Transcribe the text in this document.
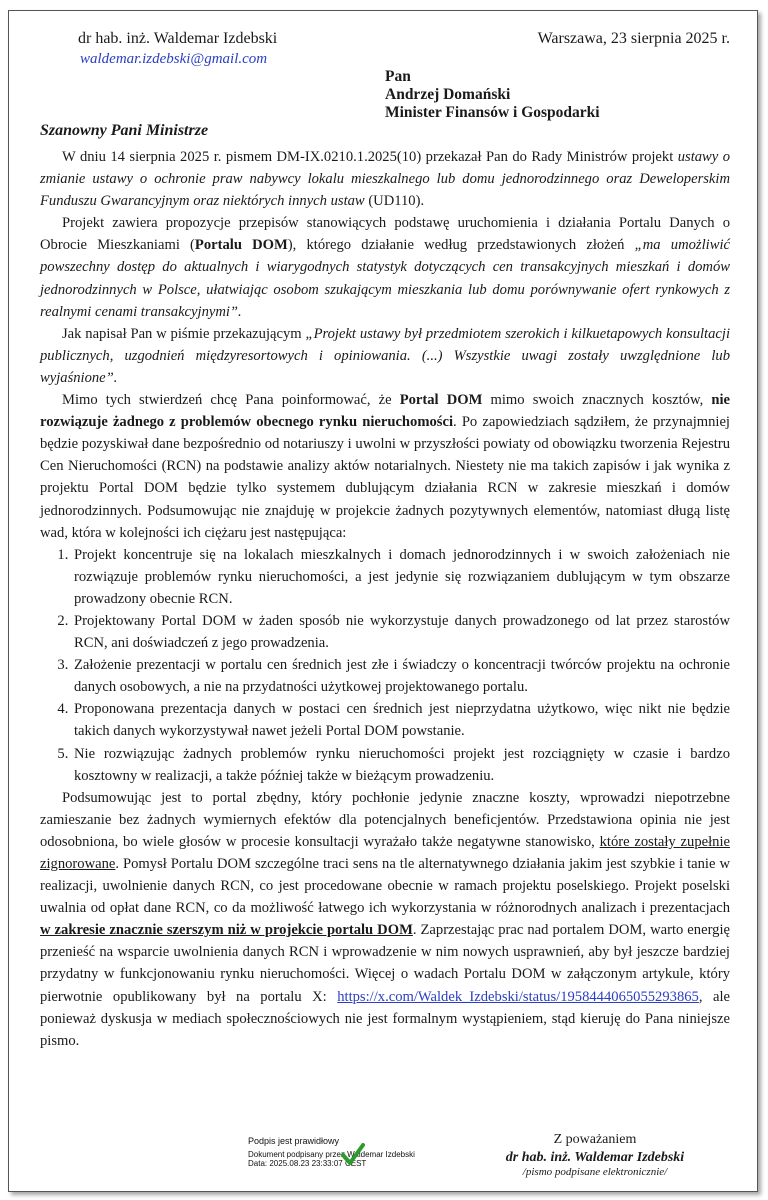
dr hab. inż. Waldemar Izdebski
waldemar.izdebski@gmail.com
Warszawa, 23 sierpnia 2025 r.
Pan
Andrzej Domański
Minister Finansów i Gospodarki
Szanowny Pani Ministrze

W dniu 14 sierpnia 2025 r. pismem DM-IX.0210.1.2025(10) przekazał Pan do Rady Ministrów projekt ustawy o zmianie ustawy o ochronie praw nabywcy lokalu mieszkalnego lub domu jednorodzinnego oraz Deweloperskim Funduszu Gwarancyjnym oraz niektórych innych ustaw (UD110).

Projekt zawiera propozycje przepisów stanowiących podstawę uruchomienia i działania Portalu Danych o Obrocie Mieszkaniami (Portalu DOM), którego działanie według przedstawionych złożeń „ma umożliwić powszechny dostęp do aktualnych i wiarygodnych statystyk dotyczących cen transakcyjnych mieszkań i domów jednorodzinnych w Polsce, ułatwiając osobom szukającym mieszkania lub domu porównywanie ofert rynkowych z realnymi cenami transakcyjnymi”.

Jak napisał Pan w piśmie przekazującym „Projekt ustawy był przedmiotem szerokich i kilkuetapowych konsultacji publicznych, uzgodnień międzyresortowych i opiniowania. (...) Wszystkie uwagi zostały uwzględnione lub wyjaśnione”.

Mimo tych stwierdzeń chcę Pana poinformować, że Portal DOM mimo swoich znacznych kosztów, nie rozwiązuje żadnego z problemów obecnego rynku nieruchomości. Po zapowiedziach sądziłem, że przynajmniej będzie pozyskiwał dane bezpośrednio od notariuszy i uwolni w przyszłości powiaty od obowiązku tworzenia Rejestru Cen Nieruchomości (RCN) na podstawie analizy aktów notarialnych. Niestety nie ma takich zapisów i jak wynika z projektu Portal DOM będzie tylko systemem dublującym działania RCN w zakresie mieszkań i domów jednorodzinnych. Podsumowując nie znajduję w projekcie żadnych pozytywnych elementów, natomiast długą listę wad, która w kolejności ich ciężaru jest następująca:

1. Projekt koncentruje się na lokalach mieszkalnych i domach jednorodzinnych i w swoich założeniach nie rozwiązuje problemów rynku nieruchomości, a jest jedynie się rozwiązaniem dublującym w tym obszarze prowadzony obecnie RCN.
2. Projektowany Portal DOM w żaden sposób nie wykorzystuje danych prowadzonego od lat przez starostów RCN, ani doświadczeń z jego prowadzenia.
3. Założenie prezentacji w portalu cen średnich jest złe i świadczy o koncentracji twórców projektu na ochronie danych osobowych, a nie na przydatności użytkowej projektowanego portalu.
4. Proponowana prezentacja danych w postaci cen średnich jest nieprzydatna użytkowo, więc nikt nie będzie takich danych wykorzystywał nawet jeżeli Portal DOM powstanie.
5. Nie rozwiązując żadnych problemów rynku nieruchomości projekt jest rozciągnięty w czasie i bardzo kosztowny w realizacji, a także później także w bieżącym prowadzeniu.

Podsumowując jest to portal zbędny, który pochłonie jedynie znaczne koszty, wprowadzi niepotrzebne zamieszanie bez żadnych wymiernych efektów dla potencjalnych beneficjentów. Przedstawiona opinia nie jest odosobniona, bo wiele głosów w procesie konsultacji wyrażało także negatywne stanowisko, które zostały zupełnie zignorowane. Pomysł Portalu DOM szczególne traci sens na tle alternatywnego działania jakim jest szybkie i tanie w realizacji, uwolnienie danych RCN, co jest procedowane obecnie w ramach projektu poselskiego. Projekt poselski uwalnia od opłat dane RCN, co da możliwość łatwego ich wykorzystania w różnorodnych analizach i prezentacjach w zakresie znacznie szerszym niż w projekcie portalu DOM. Zaprzestając prac nad portalem DOM, warto energię przenieść na wsparcie uwolnienia danych RCN i wprowadzenie w nim nowych usprawnień, aby był jeszcze bardziej przydatny w funkcjonowaniu rynku nieruchomości. Więcej o wadach Portalu DOM w załączonym artykule, który pierwotnie opublikowany był na portalu X: https://x.com/Waldek_Izdebski/status/1958444065055293865, ale ponieważ dyskusja w mediach społecznościowych nie jest formalnym wystąpieniem, stąd kieruję do Pana niniejsze pismo.

Podpis jest prawidłowy
Dokument podpisany przez Waldemar Izdebski
Data: 2025.08.23 23:33:07 CEST
Z poważaniem
dr hab. inż. Waldemar Izdebski
/pismo podpisane elektronicznie/
